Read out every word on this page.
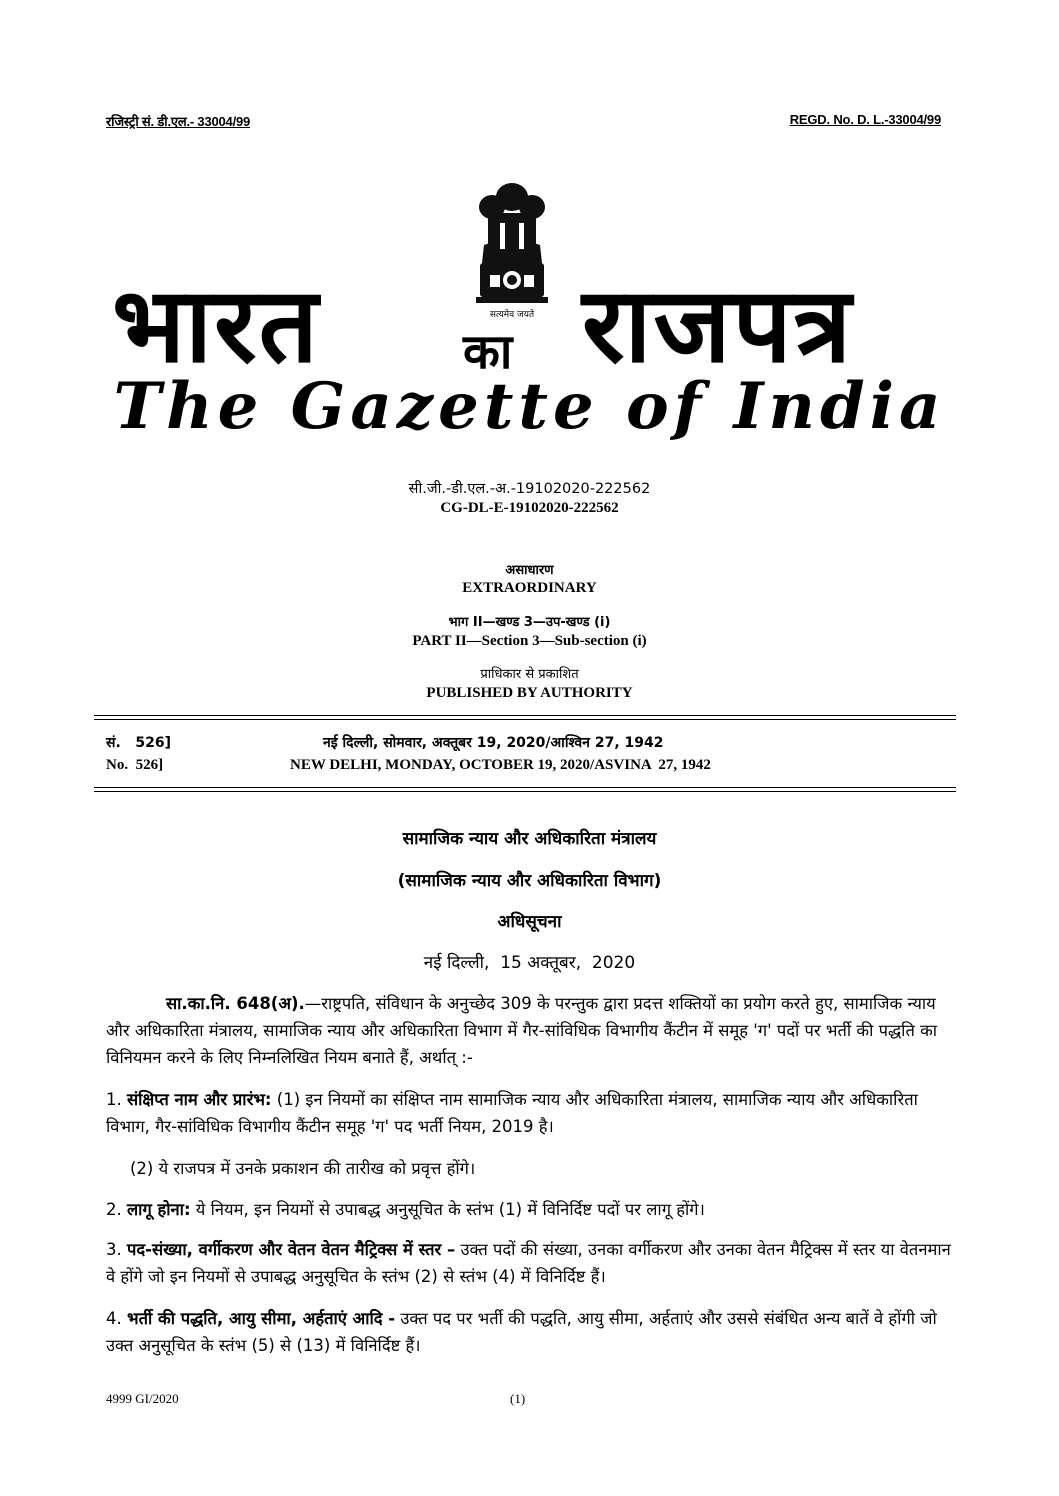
रजिस्ट्री सं. डी.एल.- 33004/99	REGD. No. D. L.-33004/99
सत्यमेव जयते
भारत	का राजपत्र
The Gazette of India
सी.जी.-डी.एल.-अ.-19102020-222562
CG-DL-E-19102020-222562
असाधारण
EXTRAORDINARY
भाग II—खण्ड 3—उप-खण्ड (i)
PART II—Section 3—Sub-section (i)
प्राधिकार से प्रकाशित
PUBLISHED BY AUTHORITY
सं.   526]	नई दिल्ली, सोमवार, अक्तूबर 19, 2020/आश्विन 27, 1942
No.  526]	NEW DELHI, MONDAY, OCTOBER 19, 2020/ASVINA  27, 1942
सामाजिक न्याय और अधिकारिता मंत्रालय
(सामाजिक न्याय और अधिकारिता विभाग)
अधिसूचना
नई दिल्ली,  15 अक्तूबर,  2020
सा.का.नि. 648(अ).—राष्ट्रपति, संविधान के अनुच्छेद 309 के परन्तुक द्वारा प्रदत्त शक्तियों का प्रयोग करते हुए, सामाजिक न्याय और अधिकारिता मंत्रालय, सामाजिक न्याय और अधिकारिता विभाग में गैर-सांविधिक विभागीय कैंटीन में समूह 'ग' पदों पर भर्ती की पद्धति का विनियमन करने के लिए निम्नलिखित नियम बनाते हैं, अर्थात् :-
1. संक्षिप्त नाम और प्रारंभ: (1) इन नियमों का संक्षिप्त नाम सामाजिक न्याय और अधिकारिता मंत्रालय, सामाजिक न्याय और अधिकारिता विभाग, गैर-सांविधिक विभागीय कैंटीन समूह 'ग' पद भर्ती नियम, 2019 है।
(2) ये राजपत्र में उनके प्रकाशन की तारीख को प्रवृत्त होंगे।
2. लागू होना: ये नियम, इन नियमों से उपाबद्ध अनुसूचित के स्तंभ (1) में विनिर्दिष्ट पदों पर लागू होंगे।
3. पद-संख्या, वर्गीकरण और वेतन वेतन मैट्रिक्स में स्तर – उक्त पदों की संख्या, उनका वर्गीकरण और उनका वेतन मैट्रिक्स में स्तर या वेतनमान वे होंगे जो इन नियमों से उपाबद्ध अनुसूचित के स्तंभ (2) से स्तंभ (4) में विनिर्दिष्ट हैं।
4. भर्ती की पद्धति, आयु सीमा, अर्हताएं आदि - उक्त पद पर भर्ती की पद्धति, आयु सीमा, अर्हताएं और उससे संबंधित अन्य बातें वे होंगी जो उक्त अनुसूचित के स्तंभ (5) से (13) में विनिर्दिष्ट हैं।
4999 GI/2020	(1)
